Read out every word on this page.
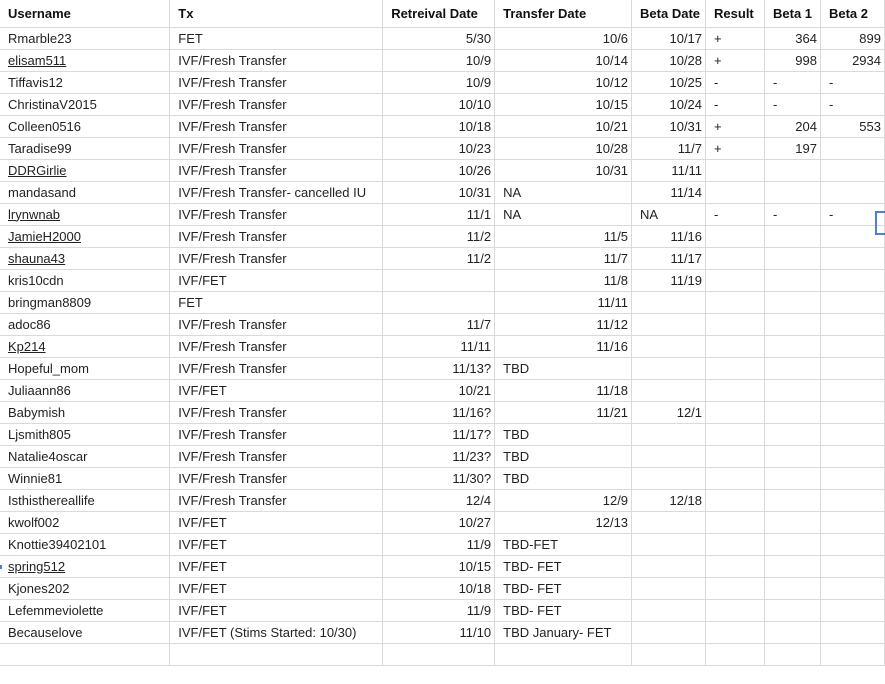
Username	Tx	Retreival Date	Transfer Date	Beta Date	Result	Beta 1	Beta 2
Rmarble23	FET	5/30	10/6	10/17	+	364	899
elisam511	IVF/Fresh Transfer	10/9	10/14	10/28	+	998	2934
Tiffavis12	IVF/Fresh Transfer	10/9	10/12	10/25	-	-	-
ChristinaV2015	IVF/Fresh Transfer	10/10	10/15	10/24	-	-	-
Colleen0516	IVF/Fresh Transfer	10/18	10/21	10/31	+	204	553
Taradise99	IVF/Fresh Transfer	10/23	10/28	11/7	+	197	
DDRGirlie	IVF/Fresh Transfer	10/26	10/31	11/11			
mandasand	IVF/Fresh Transfer- cancelled IU	10/31	NA	11/14			
lrynwnab	IVF/Fresh Transfer	11/1	NA	NA	-	-	-
JamieH2000	IVF/Fresh Transfer	11/2	11/5	11/16			
shauna43	IVF/Fresh Transfer	11/2	11/7	11/17			
kris10cdn	IVF/FET		11/8	11/19			
bringman8809	FET		11/11				
adoc86	IVF/Fresh Transfer	11/7	11/12				
Kp214	IVF/Fresh Transfer	11/11	11/16				
Hopeful_mom	IVF/Fresh Transfer	11/13?	TBD				
Juliaann86	IVF/FET	10/21	11/18				
Babymish	IVF/Fresh Transfer	11/16?	11/21	12/1			
Ljsmith805	IVF/Fresh Transfer	11/17?	TBD				
Natalie4oscar	IVF/Fresh Transfer	11/23?	TBD				
Winnie81	IVF/Fresh Transfer	11/30?	TBD				
Isthisthereallife	IVF/Fresh Transfer	12/4	12/9	12/18			
kwolf002	IVF/FET	10/27	12/13				
Knottie39402101	IVF/FET	11/9	TBD-FET				
spring512	IVF/FET	10/15	TBD- FET				
Kjones202	IVF/FET	10/18	TBD- FET				
Lefemmeviolette	IVF/FET	11/9	TBD- FET				
Becauselove	IVF/FET (Stims Started: 10/30)	11/10	TBD January- FET				
